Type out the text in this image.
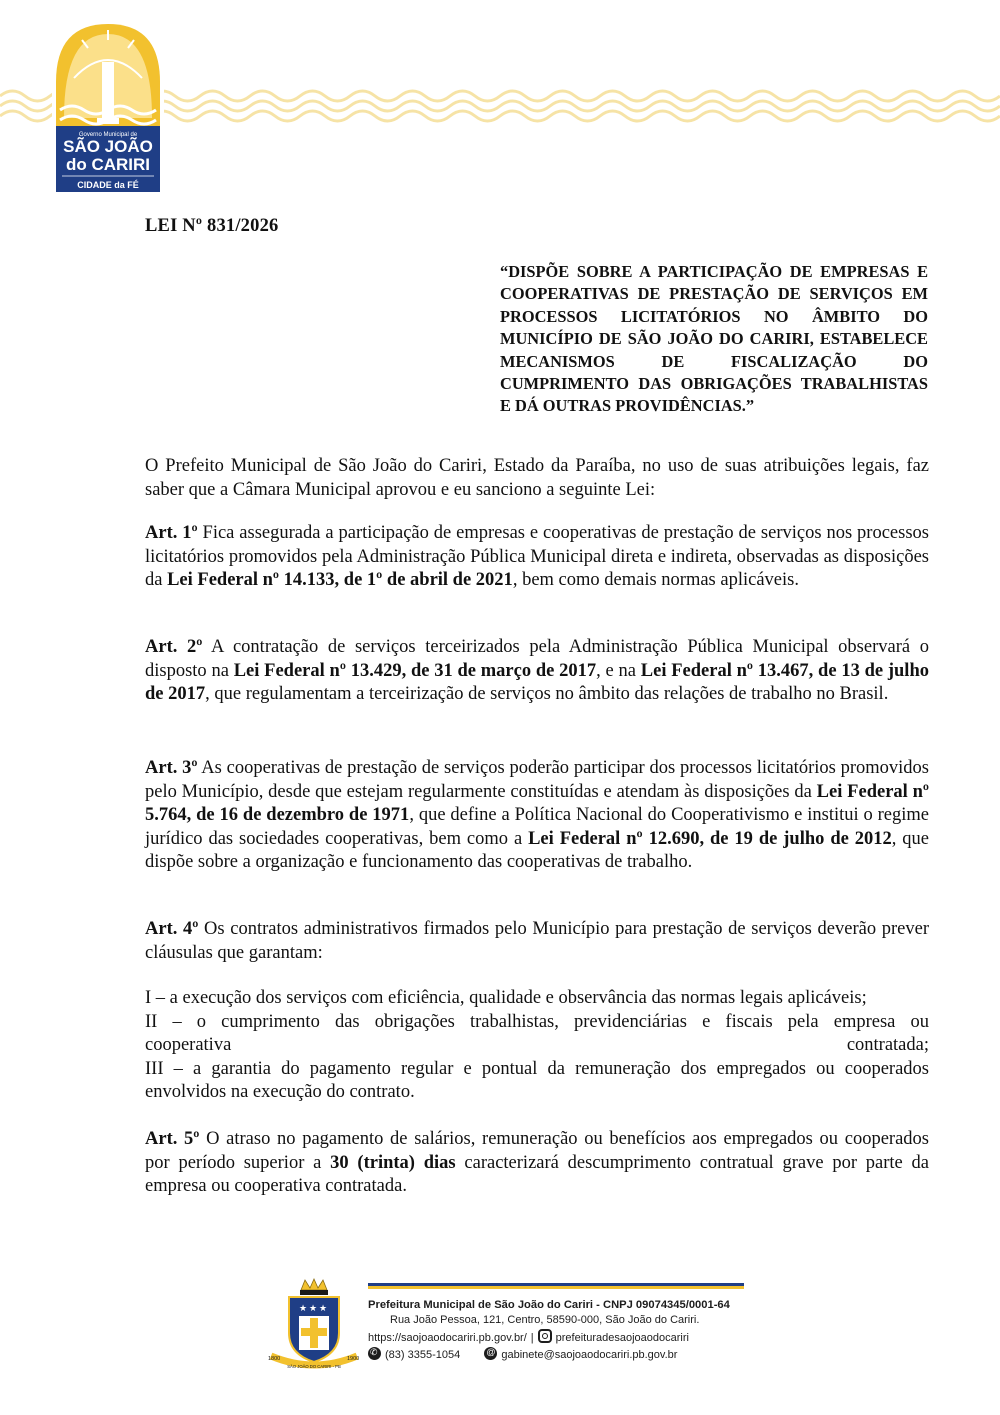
Governo Municipal de
SÃO JOÃO
do CARIRI
CIDADE da FÉ
LEI Nº 831/2026
“DISPÕE SOBRE A PARTICIPAÇÃO DE EMPRESAS E COOPERATIVAS DE PRESTAÇÃO DE SERVIÇOS EM PROCESSOS LICITATÓRIOS NO ÂMBITO DO MUNICÍPIO DE SÃO JOÃO DO CARIRI, ESTABELECE MECANISMOS DE FISCALIZAÇÃO DO CUMPRIMENTO DAS OBRIGAÇÕES TRABALHISTAS
E DÁ OUTRAS PROVIDÊNCIAS.”

O Prefeito Municipal de São João do Cariri, Estado da Paraíba, no uso de suas atribuições legais, faz saber que a Câmara Municipal aprovou e eu sanciono a seguinte Lei:

Art. 1º Fica assegurada a participação de empresas e cooperativas de prestação de serviços nos processos licitatórios promovidos pela Administração Pública Municipal direta e indireta, observadas as disposições da Lei Federal nº 14.133, de 1º de abril de 2021, bem como demais normas aplicáveis.

Art. 2º A contratação de serviços terceirizados pela Administração Pública Municipal observará o disposto na Lei Federal nº 13.429, de 31 de março de 2017, e na Lei Federal nº 13.467, de 13 de julho de 2017, que regulamentam a terceirização de serviços no âmbito das relações de trabalho no Brasil.

Art. 3º As cooperativas de prestação de serviços poderão participar dos processos licitatórios promovidos pelo Município, desde que estejam regularmente constituídas e atendam às disposições da Lei Federal nº 5.764, de 16 de dezembro de 1971, que define a Política Nacional do Cooperativismo e institui o regime jurídico das sociedades cooperativas, bem como a Lei Federal nº 12.690, de 19 de julho de 2012, que dispõe sobre a organização e funcionamento das cooperativas de trabalho.

Art. 4º Os contratos administrativos firmados pelo Município para prestação de serviços deverão prever cláusulas que garantam:

I – a execução dos serviços com eficiência, qualidade e observância das normas legais aplicáveis;
II – o cumprimento das obrigações trabalhistas, previdenciárias e fiscais pela empresa ou
cooperativa	contratada;
III – a garantia do pagamento regular e pontual da remuneração dos empregados ou cooperados envolvidos na execução do contrato.

Art. 5º O atraso no pagamento de salários, remuneração ou benefícios aos empregados ou cooperados por período superior a 30 (trinta) dias caracterizará descumprimento contratual grave por parte da empresa ou cooperativa contratada.

★ ★ ★
1800	1900
SÃO JOÃO DO CARIRI - PB
Prefeitura Municipal de São João do Cariri - CNPJ 09074345/0001-64
Rua João Pessoa, 121, Centro, 58590-000, São João do Cariri.
https://saojoaodocariri.pb.gov.br/ | prefeituradesaojoaodocariri
✆(83) 3355-1054  @	gabinete@saojoaodocariri.pb.gov.br
